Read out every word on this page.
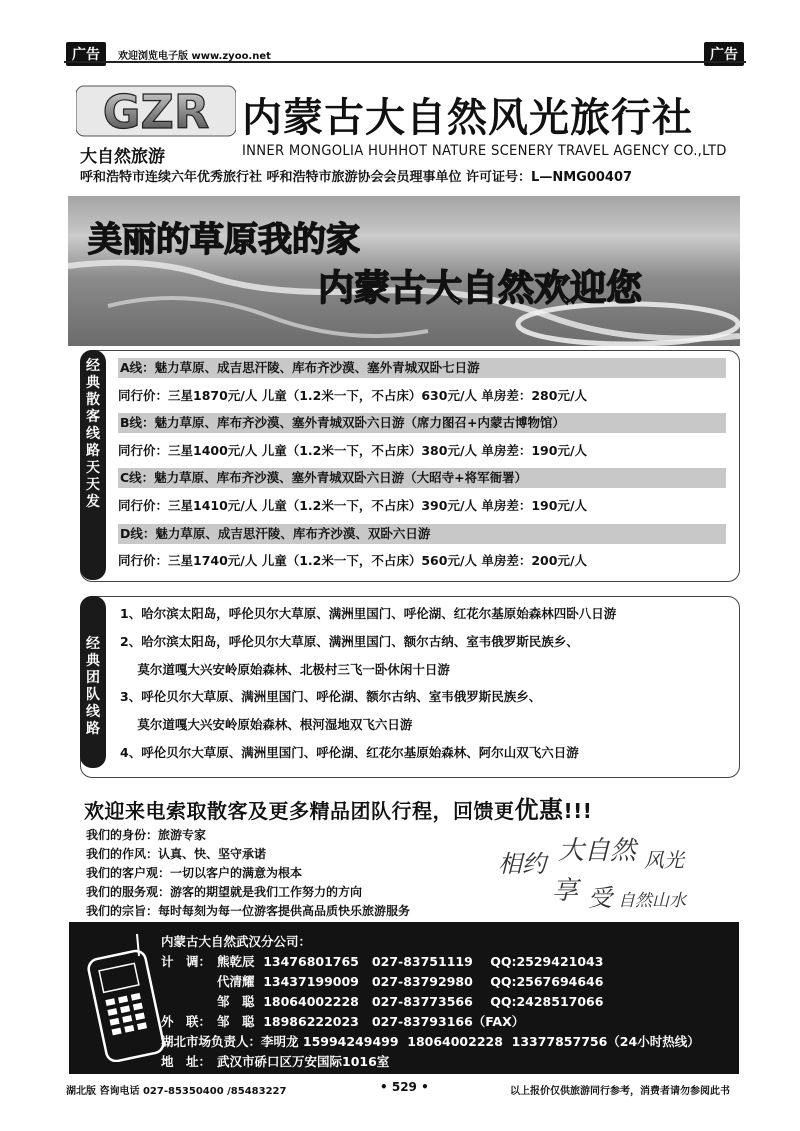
广告	欢迎浏览电子版 www.zyoo.net	广告
GZR
大自然旅游
内蒙古大自然风光旅行社
INNER MONGOLIA HUHHOT NATURE SCENERY TRAVEL AGENCY CO.,LTD
呼和浩特市连续六年优秀旅行社 呼和浩特市旅游协会会员理事单位 许可证号：L—NMG00407
美丽的草原我的家
内蒙古大自然欢迎您
经典散客线路天天发
A线：魅力草原、成吉思汗陵、库布齐沙漠、塞外青城双卧七日游
同行价：三星1870元/人 儿童（1.2米一下，不占床）630元/人 单房差：280元/人
B线：魅力草原、库布齐沙漠、塞外青城双卧六日游（席力图召+内蒙古博物馆）
同行价：三星1400元/人 儿童（1.2米一下，不占床）380元/人 单房差：190元/人
C线：魅力草原、库布齐沙漠、塞外青城双卧六日游（大昭寺+将军衙署）
同行价：三星1410元/人 儿童（1.2米一下，不占床）390元/人 单房差：190元/人
D线：魅力草原、成吉思汗陵、库布齐沙漠、双卧六日游
同行价：三星1740元/人 儿童（1.2米一下，不占床）560元/人 单房差：200元/人
经典团队线路
1、哈尔滨太阳岛，呼伦贝尔大草原、满洲里国门、呼伦湖、红花尔基原始森林四卧八日游
2、哈尔滨太阳岛，呼伦贝尔大草原、满洲里国门、额尔古纳、室韦俄罗斯民族乡、
莫尔道嘎大兴安岭原始森林、北极村三飞一卧休闲十日游
3、呼伦贝尔大草原、满洲里国门、呼伦湖、额尔古纳、室韦俄罗斯民族乡、
莫尔道嘎大兴安岭原始森林、根河湿地双飞六日游
4、呼伦贝尔大草原、满洲里国门、呼伦湖、红花尔基原始森林、阿尔山双飞六日游
欢迎来电索取散客及更多精品团队行程，回馈更优惠!!!
我们的身份：旅游专家
我们的作风：认真、快、坚守承诺
我们的客户观：一切以客户的满意为根本
我们的服务观：游客的期望就是我们工作努力的方向
我们的宗旨：每时每刻为每一位游客提供高品质快乐旅游服务
相约 大自然 风光
享 受 自然山水
内蒙古大自然武汉分公司：
计　调： 熊乾辰  13476801765   027-83751119    QQ:2529421043
代清耀  13437199009   027-83792980    QQ:2567694646
邹　聪  18064002228   027-83773566    QQ:2428517066
外　联： 邹　聪  18986222023   027-83793166（FAX）
湖北市场负责人：李明龙 15994249499  18064002228  13377857756（24小时热线）
地　址： 武汉市硚口区万安国际1016室
湖北版 咨询电话 027-85350400 /85483227	• 529 •	以上报价仅供旅游同行参考，消费者请勿参阅此书
